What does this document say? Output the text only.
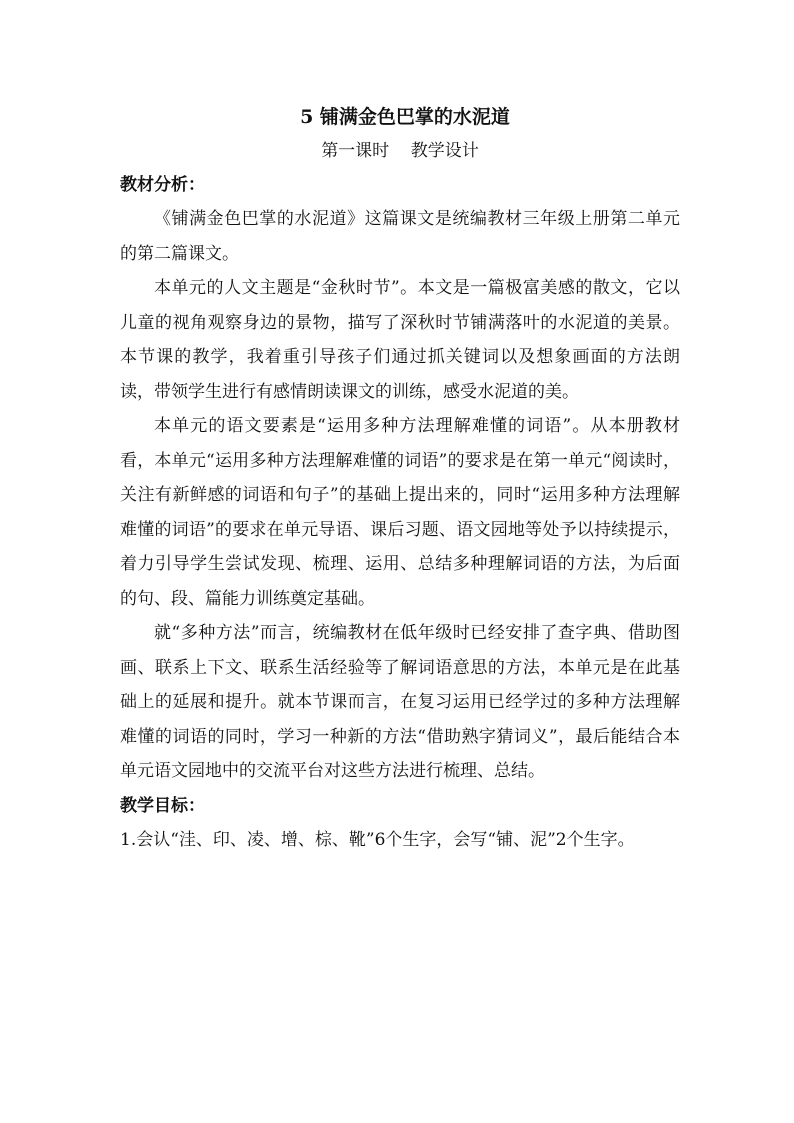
5 铺满金色巴掌的水泥道

第一课时    教学设计

教材分析：

《铺满金色巴掌的水泥道》这篇课文是统编教材三年级上册第二单元的第二篇课文。

本单元的人文主题是“金秋时节”。本文是一篇极富美感的散文，它以儿童的视角观察身边的景物，描写了深秋时节铺满落叶的水泥道的美景。本节课的教学，我着重引导孩子们通过抓关键词以及想象画面的方法朗读，带领学生进行有感情朗读课文的训练，感受水泥道的美。

本单元的语文要素是“运用多种方法理解难懂的词语”。从本册教材看，本单元“运用多种方法理解难懂的词语”的要求是在第一单元“阅读时，关注有新鲜感的词语和句子”的基础上提出来的，同时“运用多种方法理解难懂的词语”的要求在单元导语、课后习题、语文园地等处予以持续提示，着力引导学生尝试发现、梳理、运用、总结多种理解词语的方法，为后面的句、段、篇能力训练奠定基础。

就“多种方法”而言，统编教材在低年级时已经安排了查字典、借助图画、联系上下文、联系生活经验等了解词语意思的方法，本单元是在此基础上的延展和提升。就本节课而言，在复习运用已经学过的多种方法理解难懂的词语的同时，学习一种新的方法“借助熟字猜词义”，最后能结合本单元语文园地中的交流平台对这些方法进行梳理、总结。

教学目标：

1.会认“洼、印、凌、增、棕、靴”6个生字，会写“铺、泥”2个生字。
